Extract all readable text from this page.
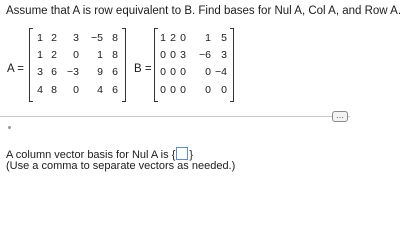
Assume that A is row equivalent to B. Find bases for Nul A, Col A, and Row A.
A =
1 2 3 −5 8
1 2 0 1 8
3 6 −3 9 6
4 8 0 4 6
B =
1 2 0 1 5
0 0 3 −6 3
0 0 0 0 −4
0 0 0 0 0
…
A column vector basis for Nul A is { }
(Use a comma to separate vectors as needed.)
